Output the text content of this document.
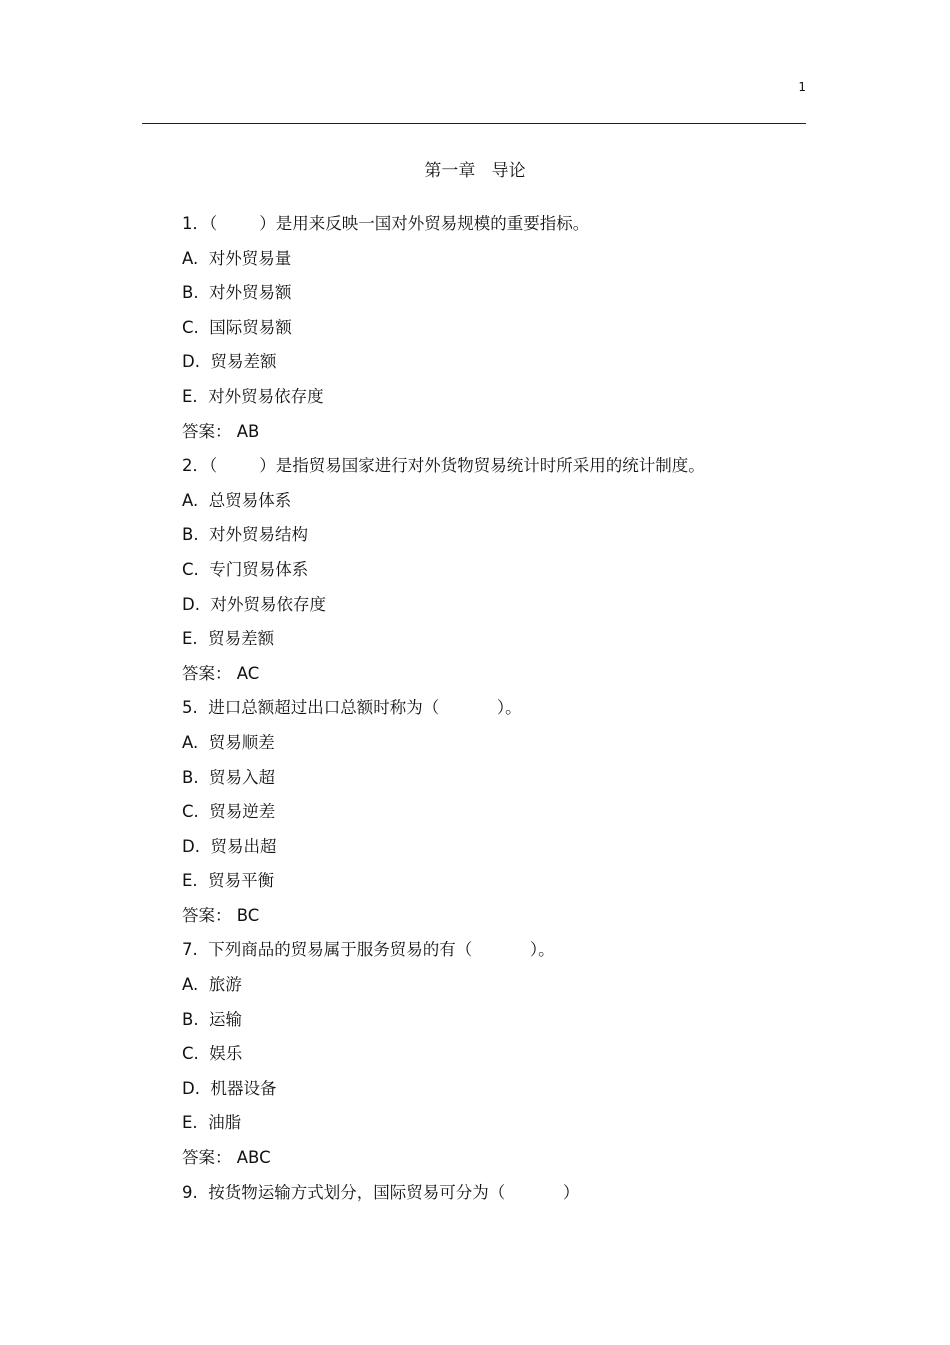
1
第一章   导论
1．（        ）是用来反映一国对外贸易规模的重要指标。
A.  对外贸易量
B.  对外贸易额
C.  国际贸易额
D.  贸易差额
E.  对外贸易依存度
答案： AB
2．（        ）是指贸易国家进行对外货物贸易统计时所采用的统计制度。
A.  总贸易体系
B.  对外贸易结构
C.  专门贸易体系
D.  对外贸易依存度
E.  贸易差额
答案： AC
5.  进口总额超过出口总额时称为（           ）。
A.  贸易顺差
B.  贸易入超
C.  贸易逆差
D.  贸易出超
E.  贸易平衡
答案： BC
7.  下列商品的贸易属于服务贸易的有（           ）。
A.  旅游
B.  运输
C.  娱乐
D.  机器设备
E.  油脂
答案： ABC
9.  按货物运输方式划分，国际贸易可分为（           ）
